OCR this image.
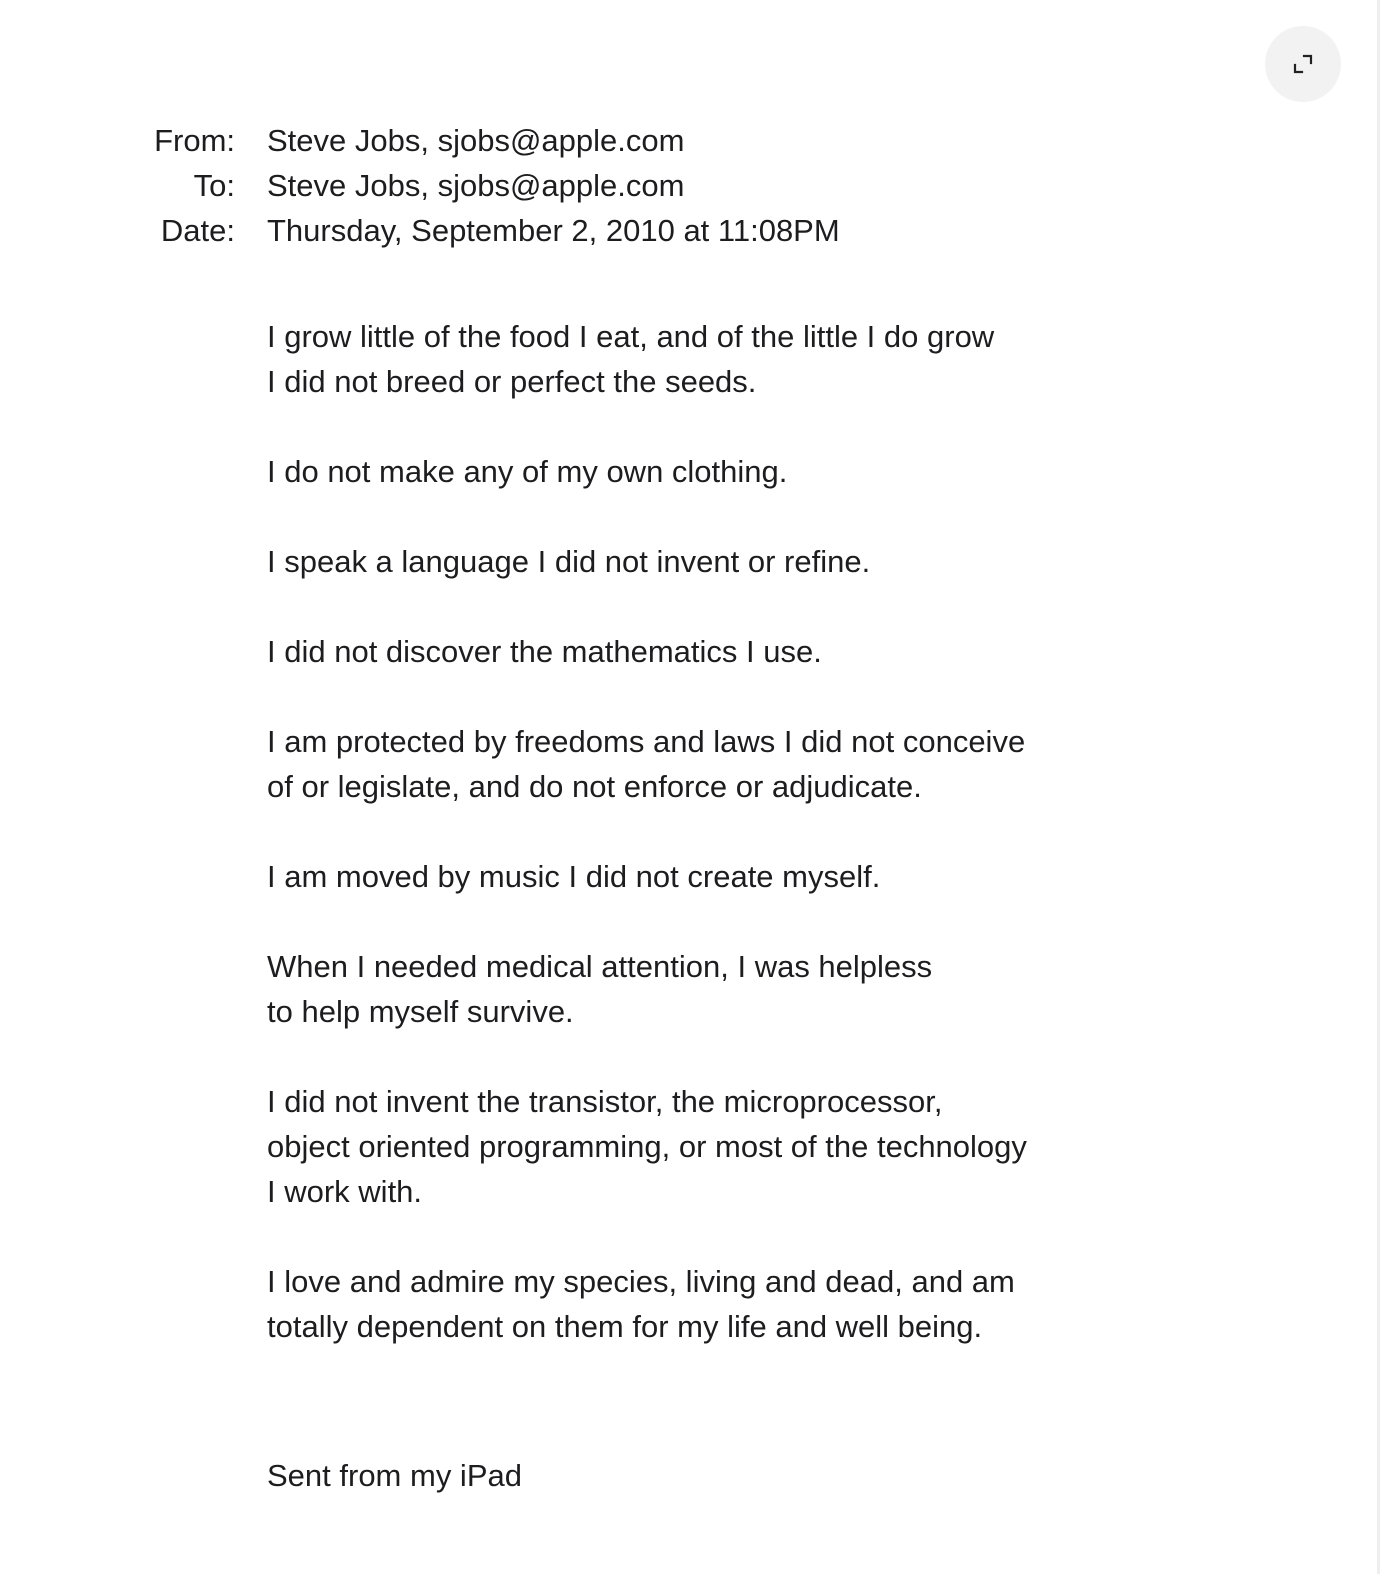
From: Steve Jobs, sjobs@apple.com
To: Steve Jobs, sjobs@apple.com
Date: Thursday, September 2, 2010 at 11:08PM

I grow little of the food I eat, and of the little I do grow
I did not breed or perfect the seeds.

I do not make any of my own clothing.

I speak a language I did not invent or refine.

I did not discover the mathematics I use.

I am protected by freedoms and laws I did not conceive
of or legislate, and do not enforce or adjudicate.

I am moved by music I did not create myself.

When I needed medical attention, I was helpless
to help myself survive.

I did not invent the transistor, the microprocessor,
object oriented programming, or most of the technology
I work with.

I love and admire my species, living and dead, and am
totally dependent on them for my life and well being.

Sent from my iPad
